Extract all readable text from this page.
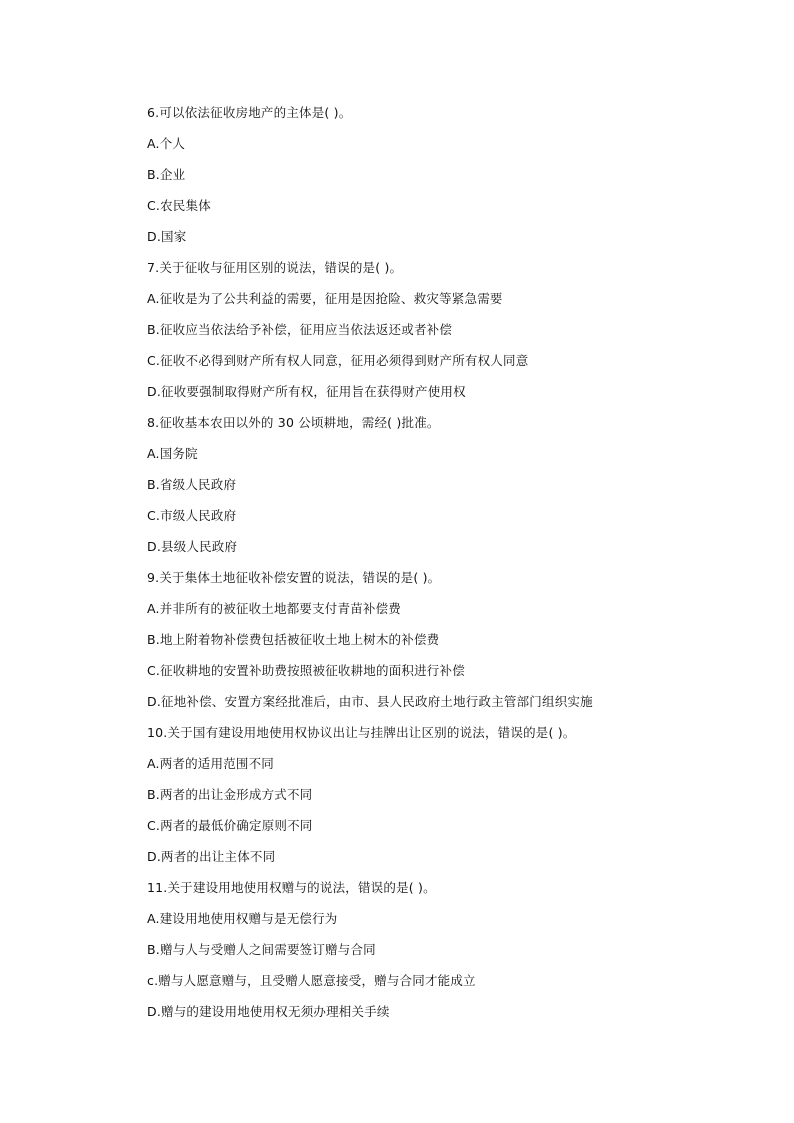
6.可以依法征收房地产的主体是( )。
A.个人
B.企业
C.农民集体
D.国家
7.关于征收与征用区别的说法，错误的是( )。
A.征收是为了公共利益的需要，征用是因抢险、救灾等紧急需要
B.征收应当依法给予补偿，征用应当依法返还或者补偿
C.征收不必得到财产所有权人同意，征用必须得到财产所有权人同意
D.征收要强制取得财产所有权，征用旨在获得财产使用权
8.征收基本农田以外的 30 公顷耕地，需经( )批准。
A.国务院
B.省级人民政府
C.市级人民政府
D.县级人民政府
9.关于集体土地征收补偿安置的说法，错误的是( )。
A.并非所有的被征收土地都要支付青苗补偿费
B.地上附着物补偿费包括被征收土地上树木的补偿费
C.征收耕地的安置补助费按照被征收耕地的面积进行补偿
D.征地补偿、安置方案经批准后，由市、县人民政府土地行政主管部门组织实施
10.关于国有建设用地使用权协议出让与挂牌出让区别的说法，错误的是( )。
A.两者的适用范围不同
B.两者的出让金形成方式不同
C.两者的最低价确定原则不同
D.两者的出让主体不同
11.关于建设用地使用权赠与的说法，错误的是( )。
A.建设用地使用权赠与是无偿行为
B.赠与人与受赠人之间需要签订赠与合同
c.赠与人愿意赠与，且受赠人愿意接受，赠与合同才能成立
D.赠与的建设用地使用权无须办理相关手续
